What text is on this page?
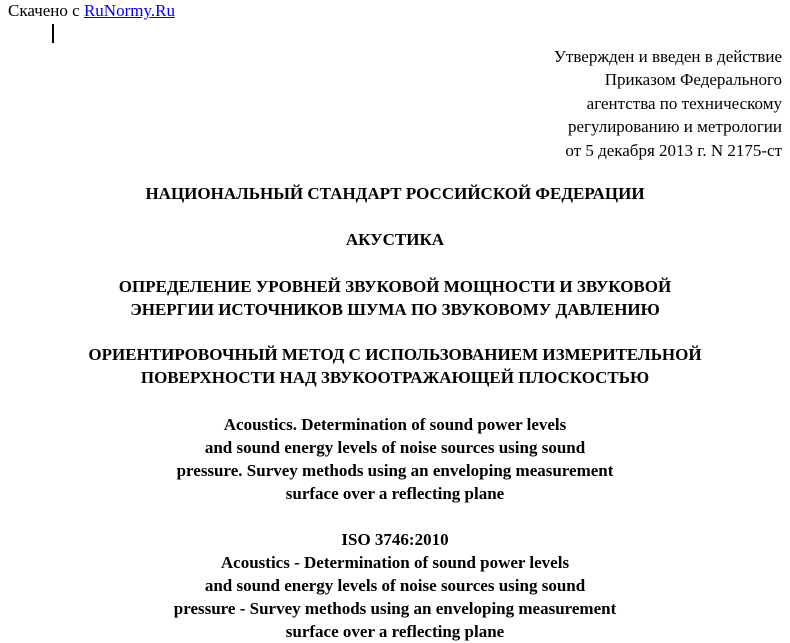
Скачено с RuNormy.Ru
Утвержден и введен в действие
Приказом Федерального
агентства по техническому
регулированию и метрологии
от 5 декабря 2013 г. N 2175-ст
НАЦИОНАЛЬНЫЙ СТАНДАРТ РОССИЙСКОЙ ФЕДЕРАЦИИ
АКУСТИКА
ОПРЕДЕЛЕНИЕ УРОВНЕЙ ЗВУКОВОЙ МОЩНОСТИ И ЗВУКОВОЙ
ЭНЕРГИИ ИСТОЧНИКОВ ШУМА ПО ЗВУКОВОМУ ДАВЛЕНИЮ
ОРИЕНТИРОВОЧНЫЙ МЕТОД С ИСПОЛЬЗОВАНИЕМ ИЗМЕРИТЕЛЬНОЙ
ПОВЕРХНОСТИ НАД ЗВУКООТРАЖАЮЩЕЙ ПЛОСКОСТЬЮ
Acoustics. Determination of sound power levels
and sound energy levels of noise sources using sound
pressure. Survey methods using an enveloping measurement
surface over a reflecting plane
ISO 3746:2010
Acoustics - Determination of sound power levels
and sound energy levels of noise sources using sound
pressure - Survey methods using an enveloping measurement
surface over a reflecting plane
